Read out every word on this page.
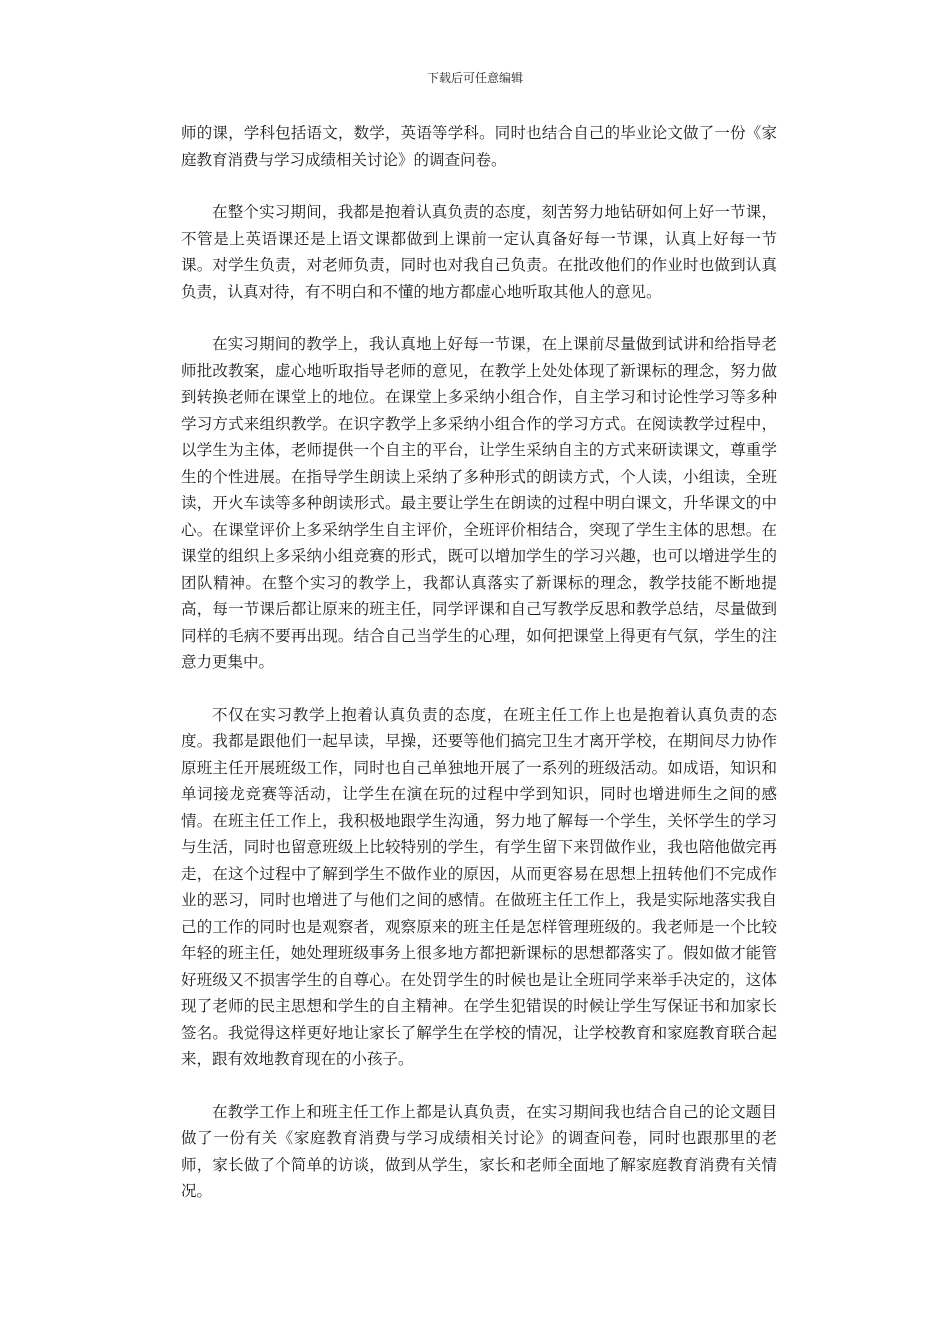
下载后可任意编辑

师的课，学科包括语文，数学，英语等学科。同时也结合自己的毕业论文做了一份《家庭教育消费与学习成绩相关讨论》的调查问卷。

在整个实习期间，我都是抱着认真负责的态度，刻苦努力地钻研如何上好一节课，不管是上英语课还是上语文课都做到上课前一定认真备好每一节课，认真上好每一节课。对学生负责，对老师负责，同时也对我自己负责。在批改他们的作业时也做到认真负责，认真对待，有不明白和不懂的地方都虚心地听取其他人的意见。

在实习期间的教学上，我认真地上好每一节课，在上课前尽量做到试讲和给指导老师批改教案，虚心地听取指导老师的意见，在教学上处处体现了新课标的理念，努力做到转换老师在课堂上的地位。在课堂上多采纳小组合作，自主学习和讨论性学习等多种学习方式来组织教学。在识字教学上多采纳小组合作的学习方式。在阅读教学过程中，以学生为主体，老师提供一个自主的平台，让学生采纳自主的方式来研读课文，尊重学生的个性进展。在指导学生朗读上采纳了多种形式的朗读方式，个人读，小组读，全班读，开火车读等多种朗读形式。最主要让学生在朗读的过程中明白课文，升华课文的中心。在课堂评价上多采纳学生自主评价，全班评价相结合，突现了学生主体的思想。在课堂的组织上多采纳小组竞赛的形式，既可以增加学生的学习兴趣，也可以增进学生的团队精神。在整个实习的教学上，我都认真落实了新课标的理念，教学技能不断地提高，每一节课后都让原来的班主任，同学评课和自己写教学反思和教学总结，尽量做到同样的毛病不要再出现。结合自己当学生的心理，如何把课堂上得更有气氛，学生的注意力更集中。

不仅在实习教学上抱着认真负责的态度，在班主任工作上也是抱着认真负责的态度。我都是跟他们一起早读，早操，还要等他们搞完卫生才离开学校，在期间尽力协作原班主任开展班级工作，同时也自己单独地开展了一系列的班级活动。如成语，知识和单词接龙竞赛等活动，让学生在演在玩的过程中学到知识，同时也增进师生之间的感情。在班主任工作上，我积极地跟学生沟通，努力地了解每一个学生，关怀学生的学习与生活，同时也留意班级上比较特别的学生，有学生留下来罚做作业，我也陪他做完再走，在这个过程中了解到学生不做作业的原因，从而更容易在思想上扭转他们不完成作业的恶习，同时也增进了与他们之间的感情。在做班主任工作上，我是实际地落实我自己的工作的同时也是观察者，观察原来的班主任是怎样管理班级的。我老师是一个比较年轻的班主任，她处理班级事务上很多地方都把新课标的思想都落实了。假如做才能管好班级又不损害学生的自尊心。在处罚学生的时候也是让全班同学来举手决定的，这体现了老师的民主思想和学生的自主精神。在学生犯错误的时候让学生写保证书和加家长签名。我觉得这样更好地让家长了解学生在学校的情况，让学校教育和家庭教育联合起来，跟有效地教育现在的小孩子。

在教学工作上和班主任工作上都是认真负责，在实习期间我也结合自己的论文题目做了一份有关《家庭教育消费与学习成绩相关讨论》的调查问卷，同时也跟那里的老师，家长做了个简单的访谈，做到从学生，家长和老师全面地了解家庭教育消费有关情况。
